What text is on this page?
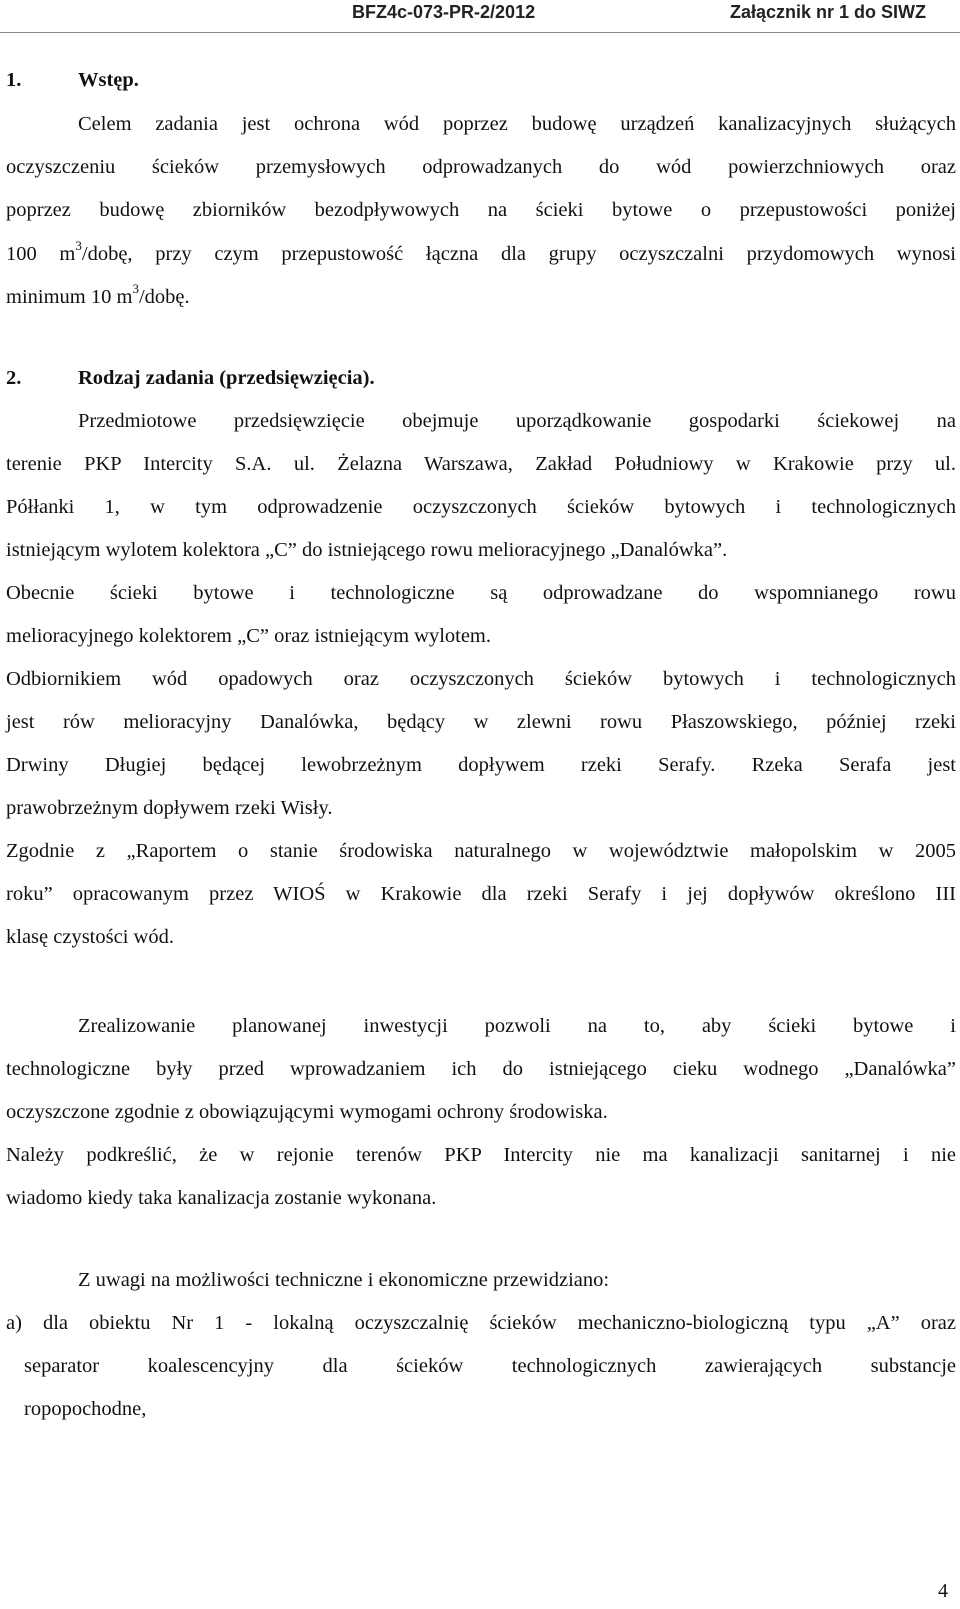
BFZ4c-073-PR-2/2012	Załącznik nr 1 do SIWZ
1.	Wstęp.
Celem zadania jest ochrona wód poprzez budowę urządzeń kanalizacyjnych służących
oczyszczeniu ścieków przemysłowych odprowadzanych do wód powierzchniowych oraz
poprzez budowę zbiorników bezodpływowych na ścieki bytowe o przepustowości poniżej
100 $m^3$/dobę, przy czym przepustowość łączna dla grupy oczyszczalni przydomowych wynosi
minimum 10 $m^3$/dobę.
2.	Rodzaj zadania (przedsięwzięcia).
Przedmiotowe przedsięwzięcie obejmuje uporządkowanie gospodarki ściekowej na
terenie PKP Intercity S.A. ul. Żelazna Warszawa, Zakład Południowy w Krakowie przy ul.
Półłanki 1, w tym odprowadzenie oczyszczonych ścieków bytowych i technologicznych
istniejącym wylotem kolektora „C” do istniejącego rowu melioracyjnego „Danalówka”.
Obecnie ścieki bytowe i technologiczne są odprowadzane do wspomnianego rowu
melioracyjnego kolektorem „C” oraz istniejącym wylotem.
Odbiornikiem wód opadowych oraz oczyszczonych ścieków bytowych i technologicznych
jest rów melioracyjny Danalówka, będący w zlewni rowu Płaszowskiego, później rzeki
Drwiny Długiej będącej lewobrzeżnym dopływem rzeki Serafy. Rzeka Serafa jest
prawobrzeżnym dopływem rzeki Wisły.
Zgodnie z „Raportem o stanie środowiska naturalnego w województwie małopolskim w 2005
roku” opracowanym przez WIOŚ w Krakowie dla rzeki Serafy i jej dopływów określono III
klasę czystości wód.
Zrealizowanie planowanej inwestycji pozwoli na to, aby ścieki bytowe i
technologiczne były przed wprowadzaniem ich do istniejącego cieku wodnego „Danalówka”
oczyszczone zgodnie z obowiązującymi wymogami ochrony środowiska.
Należy podkreślić, że w rejonie terenów PKP Intercity nie ma kanalizacji sanitarnej i nie
wiadomo kiedy taka kanalizacja zostanie wykonana.
Z uwagi na możliwości techniczne i ekonomiczne przewidziano:
a) dla obiektu Nr 1 - lokalną oczyszczalnię ścieków mechaniczno-biologiczną typu „A” oraz
separator koalescencyjny dla ścieków technologicznych zawierających substancje
ropopochodne,
4
